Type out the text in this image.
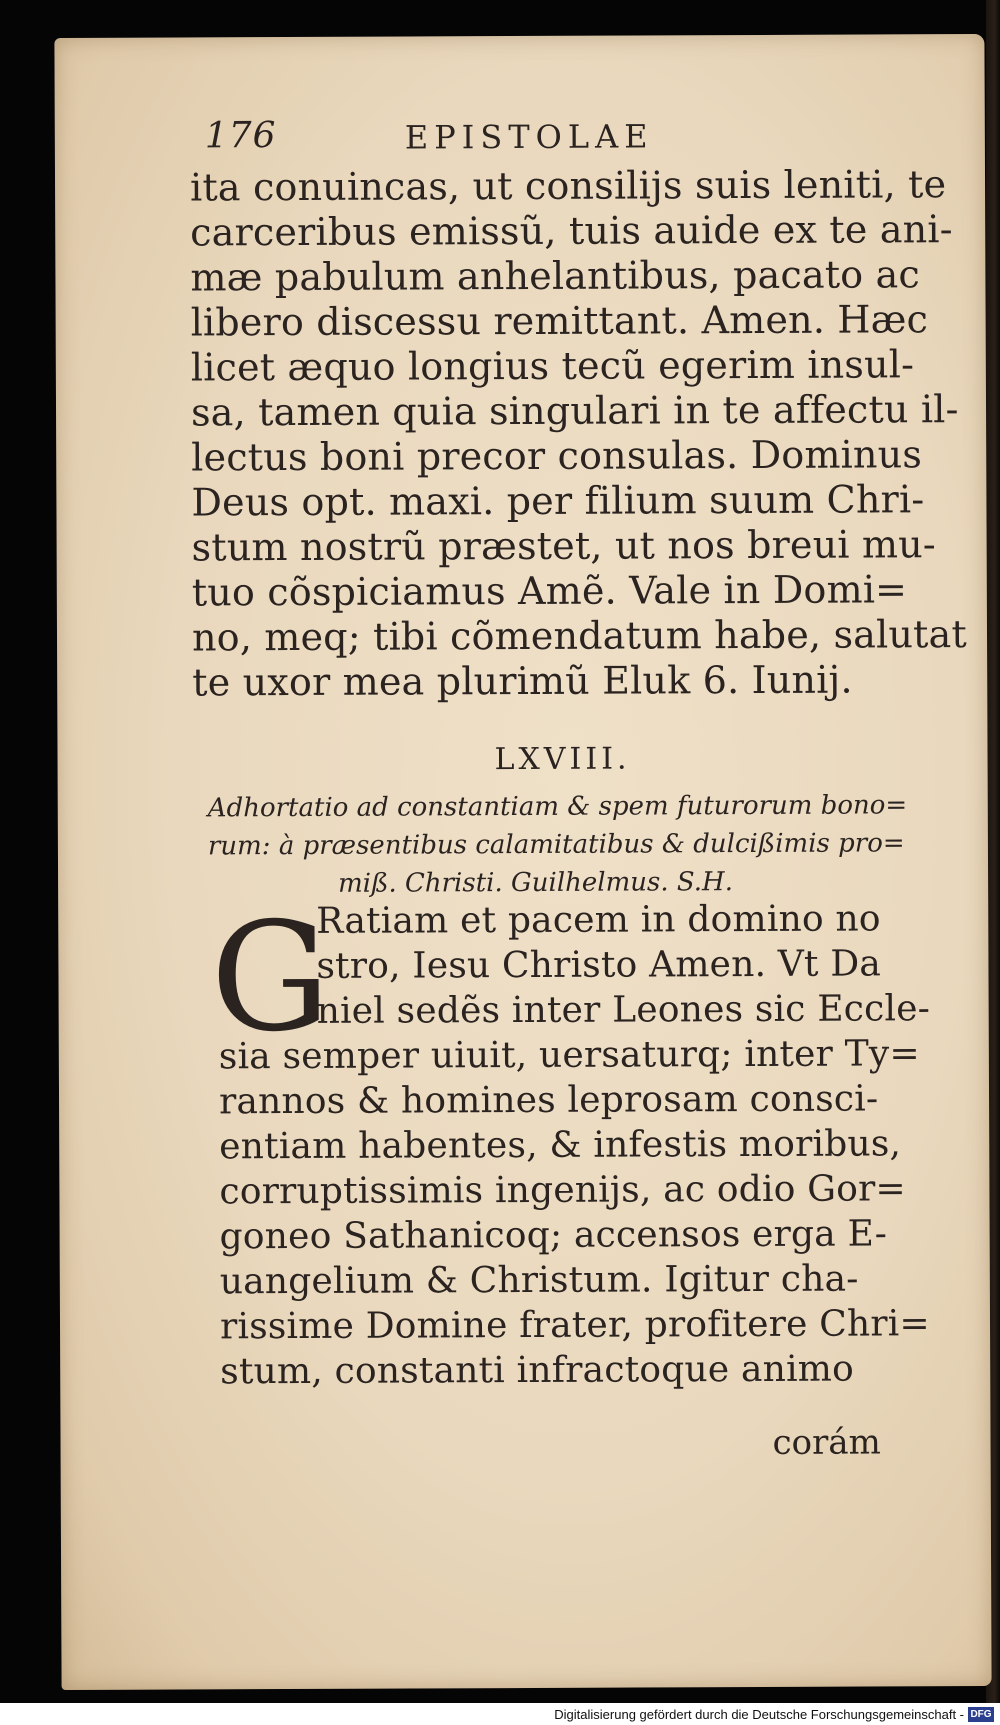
176	EPISTOLAE
ita conuincas, ut consilijs suis leniti, te
carceribus emissũ, tuis auide ex te ani-
mæ pabulum anhelantibus, pacato ac
libero discessu remittant. Amen. Hæc
licet æquo longius tecũ egerim insul-
sa, tamen quia singulari in te affectu il-
lectus boni precor consulas. Dominus
Deus opt. maxi. per filium suum Chri-
stum nostrũ præstet, ut nos breui mu-
tuo cõspiciamus Amẽ. Vale in Domi=
no, meq; tibi cõmendatum habe, salutat
te uxor mea plurimũ Eluk 6. Iunij.
LXVIII.
Adhortatio ad constantiam & spem futurorum bono=
rum: à præsentibus calamitatibus & dulcißimis pro=
miß. Christi. Guilhelmus. S.H.
G
Ratiam et pacem in domino no
stro, Iesu Christo Amen. Vt Da
niel sedẽs inter Leones sic Eccle-
sia semper uiuit, uersaturq; inter Ty=
rannos & homines leprosam consci-
entiam habentes, & infestis moribus,
corruptissimis ingenijs, ac odio Gor=
goneo Sathanicoq; accensos erga E-
uangelium & Christum. Igitur cha-
rissime Domine frater, profitere Chri=
stum, constanti infractoque animo
corám
Digitalisierung gefördert durch die Deutsche Forschungsgemeinschaft - DFG
